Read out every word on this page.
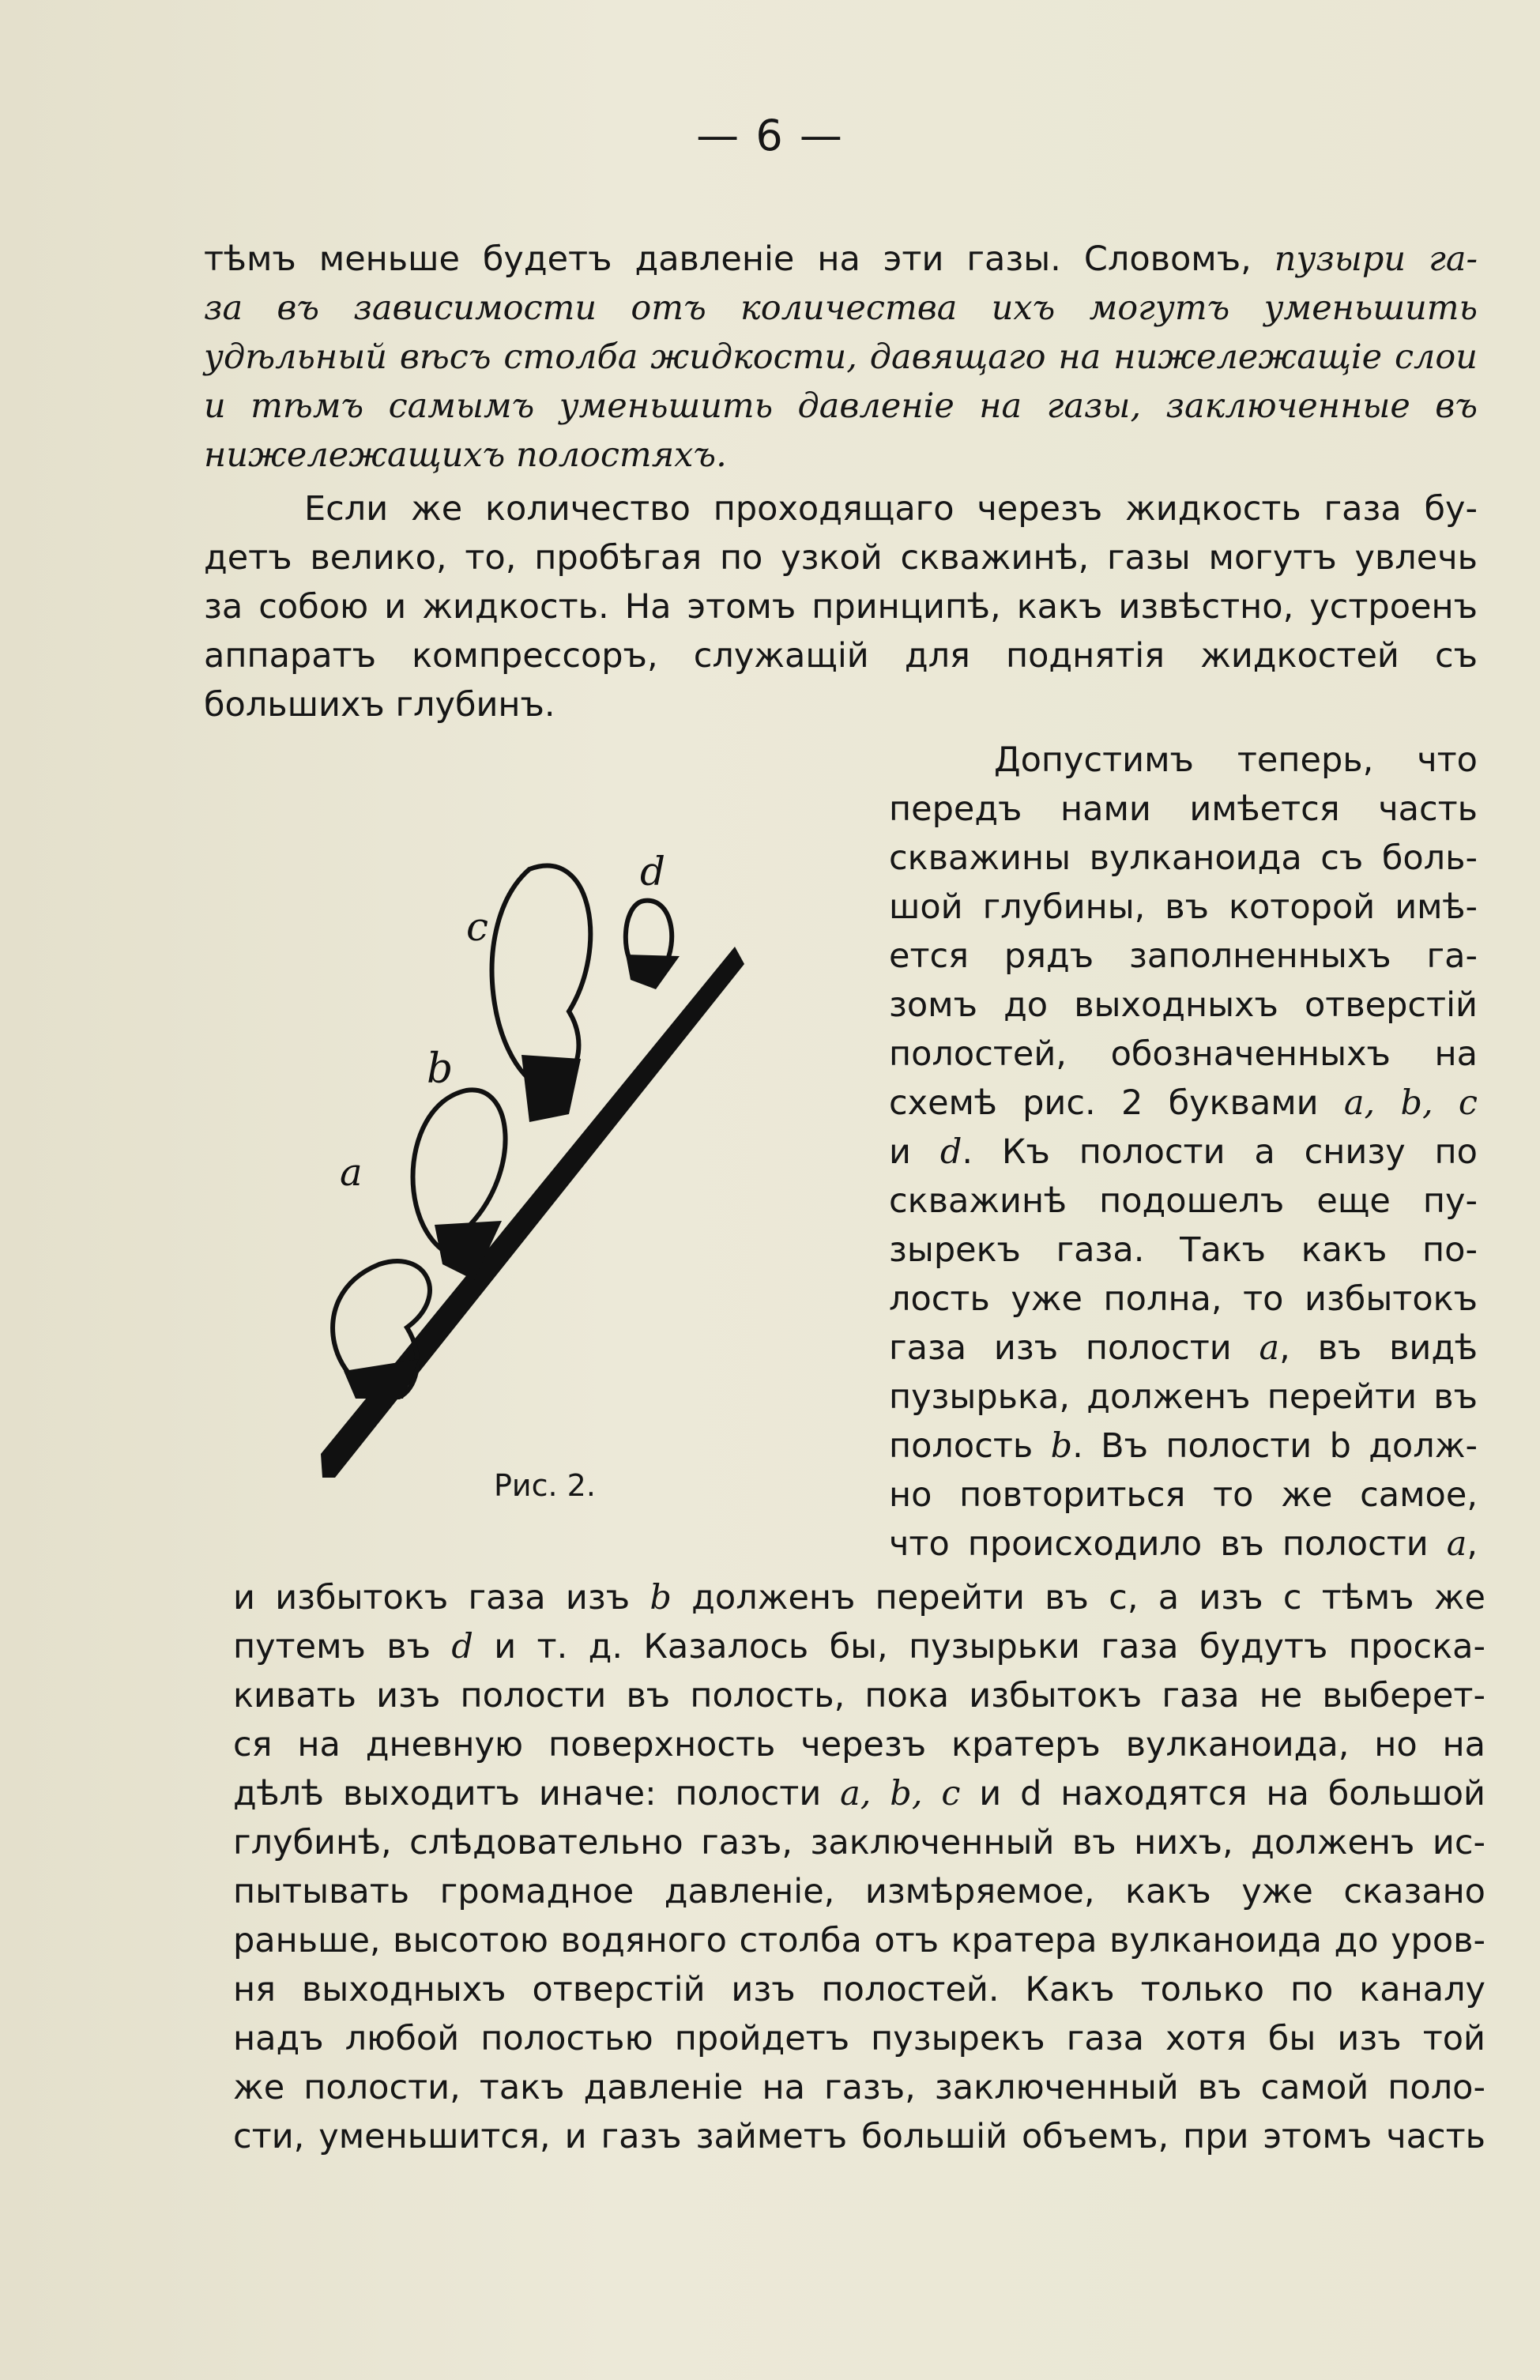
— 6 —
тѣмъ меньше будетъ давленіе на эти газы. Словомъ, пузыри га-
за въ зависимости отъ количества ихъ могутъ уменьшить
удѣльный вѣсъ столба жидкости, давящаго на нижележащіе слои
и тѣмъ самымъ уменьшить давленіе на газы, заключенные въ
нижележащихъ полостяхъ.
Если же количество проходящаго черезъ жидкость газа бу-
детъ велико, то, пробѣгая по узкой скважинѣ, газы могутъ увлечь
за собою и жидкость. На этомъ принципѣ, какъ извѣстно, устроенъ
аппаратъ компрессоръ, служащій для поднятія жидкостей съ
большихъ глубинъ.
Допустимъ теперь, что
передъ нами имѣется часть
скважины вулканоида съ боль-
шой глубины, въ которой имѣ-
ется рядъ заполненныхъ га-
зомъ до выходныхъ отверстій
полостей, обозначенныхъ на
схемѣ рис. 2 буквами a, b, c
и d. Къ полости a снизу по
скважинѣ подошелъ еще пу-
зырекъ газа. Такъ какъ по-
лость уже полна, то избытокъ
газа изъ полости a, въ видѣ
пузырька, долженъ перейти въ
полость b. Въ полости b долж-
но повториться то же самое,
что происходило въ полости a,
и избытокъ газа изъ b долженъ перейти въ c, а изъ c тѣмъ же
путемъ въ d и т. д. Казалось бы, пузырьки газа будутъ проска-
кивать изъ полости въ полость, пока избытокъ газа не выберет-
ся на дневную поверхность черезъ кратеръ вулканоида, но на
дѣлѣ выходитъ иначе: полости a, b, c и d находятся на большой
глубинѣ, слѣдовательно газъ, заключенный въ нихъ, долженъ ис-
пытывать громадное давленіе, измѣряемое, какъ уже сказано
раньше, высотою водяного столба отъ кратера вулканоида до уров-
ня выходныхъ отверстій изъ полостей. Какъ только по каналу
надъ любой полостью пройдетъ пузырекъ газа хотя бы изъ той
же полости, такъ давленіе на газъ, заключенный въ самой поло-
сти, уменьшится, и газъ займетъ большій объемъ, при этомъ часть
a
b
c
d
Рис. 2.
